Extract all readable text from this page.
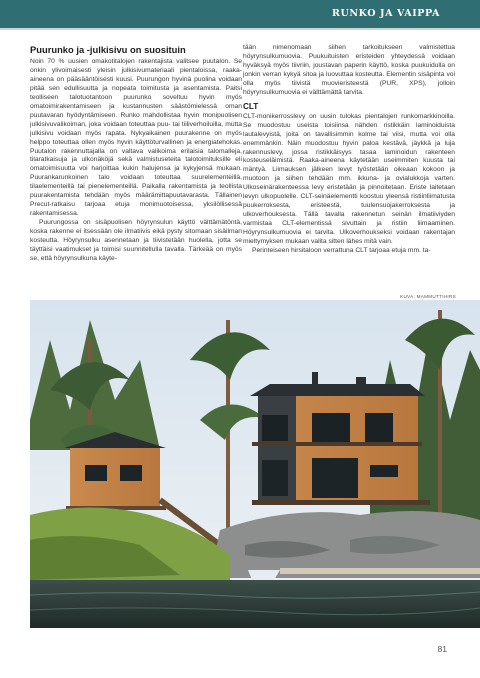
RUNKO JA VAIPPA
Puurunko ja -julkisivu on suosituin

Noin 70 % uusien omakotitalojen rakentajista valitsee puutalon. Se onkin ylivoimaisesti yleisin julkisivumateriaali pientaloissa, raaka-aineena on pääsääntöisesti kuusi. Puurungon hyvinä puolina voidaan pitää sen edullisuutta ja nopeata toimitusta ja asentamista. Paitsi teolliseen talotuotantoon puurunko soveltuu hyvin myös omatoimirakentamiseen ja kustannusten säästömielessä oman puutavaran hyödyntämiseen. Runko mahdollistaa hyvin monipuolisen julkisivuvalikoiman, joka voidaan toteuttaa puu- tai tiiliverhoiluilla, mutta julkisivu voidaan myös rapata. Nykyaikainen puurakenne on myös helppo toteuttaa ollen myös hyvin käyttöturvallinen ja energiatehokas. Puutalon rakennuttajalla on valtava valikoima erilaisia talomalleja, tilaratkaisuja ja ulkonäköjä sekä valmistuseteita talotoimituksille eli omatoimisuutta voi harjoittaa kukin halujensa ja kykyjensä mukaan. Puurankarunkoinen talo voidaan toteuttaa suurelementeillä, tilaelementeillä tai pienelementeillä. Paikalla rakentamista ja teollista puurakentamista tehdään myös määrämittapuutavarasta. Tällainen Precut-ratkaisu tarjoaa etuja monimuotoisessa, yksilöllisessä rakentamisessa.

Puurungossa on sisäpuolisen höyrynsulun käyttö välttämätöntä, koska rakenne ei itsessään ole ilmatiivis eikä pysty sitomaan sisäilman kosteutta. Höyrynsulku asennetaan ja tiivistetään huolella, jotta se täyttäisi vaatimukset ja toimisi suunnitellulla tavalla. Tärkeää on myös se, että höyrynsulkuna käyte-

tään nimenomaan siihen tarkoitukseen valmistettua höyrynsulkumuovia. Puukuituisten eristeiden yhteydessä voidaan hyväksyä myös tiivriin, joustavan paperin käyttö, koska puukuidulla on jonkin verran kykyä sitoa ja luovuttaa kosteutta. Elementin sisäpinta voi olla myös tiivistä muovieristeestä (PUR, XPS), jolloin höyrynsulkumuovia ei välttämättä tarvita.

CLT

CLT-monikerrosslevy on uusin tulokas pientalojen runkomarkkinoilla. Se muodostuu useista toisiinsa nähden ristikkäin laminoiduista lautalevyistä, joita on tavallisimmin kolme tai viisi, mutta voi olla enemmänkin. Näin muodostuu hyvin paloa kestävä, jäykkä ja luja rakennuslevy, jossa ristikkäisyys tasaa laminoidun rakenteen kosteuseläimistä. Raaka-aineena käytetään useimmiten kuusta tai mäntyä. Liimauksen jälkeen levyt työstetään oikeaan kokoon ja muotoon ja siihen tehdään mm. ikkuna- ja ovialukkoja varten. Ulkoseinärakenteessa levy eristetään ja pinnoitetaan. Eriste laitetaan levyn ulkopuolelle. CLT-seinäelementti koostuu yleensä ristiinliimatusta puukerroksesta, eristeestä, tuulensuojakerroksesta ja ulkoverhouksesta. Tällä tavalla rakennetun seinän ilmatiiviyden varmistaa CLT-elementissä sivuttain ja ristiin liimaaminen. Höyrynsulkumuovia ei tarvita. Ulkoverhoukseksi voidaan rakentajan mieltymyksen mukaan valita sitten lähes mitä vain.

Perinteiseen hirsitaloon verrattuna CLT tarjoaa etuja mm. ta-

KUVA: MAMMUTTIHIRS
81
